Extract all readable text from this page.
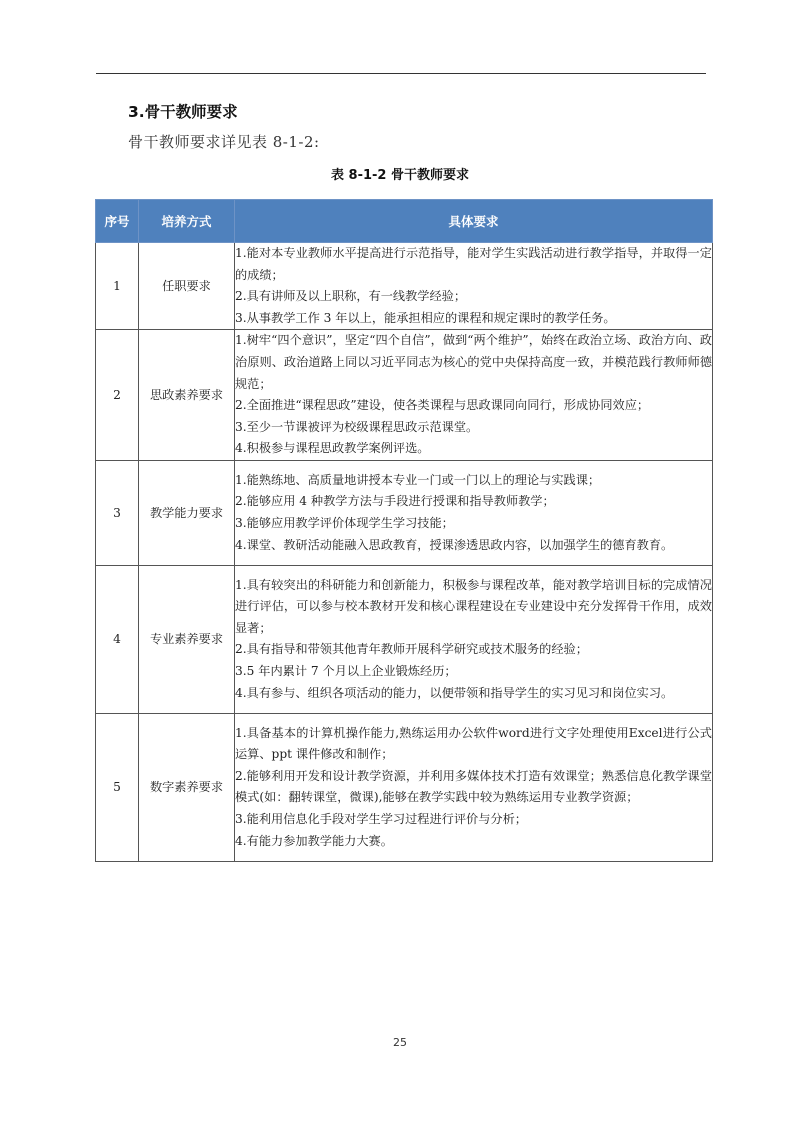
3.骨干教师要求
骨干教师要求详见表 8-1-2:
表 8-1-2 骨干教师要求
序号	培养方式	具体要求
1	任职要求	1.能对本专业教师水平提高进行示范指导，能对学生实践活动进行教学指导，并取得一定的成绩；
2.具有讲师及以上职称，有一线教学经验；
3.从事教学工作 3 年以上，能承担相应的课程和规定课时的教学任务。

2	思政素养要求	1.树牢“四个意识”，坚定“四个自信”，做到“两个维护”，始终在政治立场、政治方向、政治原则、政治道路上同以习近平同志为核心的党中央保持高度一致，并模范践行教师师德规范；
2.全面推进“课程思政”建设，使各类课程与思政课同向同行，形成协同效应；
3.至少一节课被评为校级课程思政示范课堂。
4.积极参与课程思政教学案例评选。

3	教学能力要求	1.能熟练地、高质量地讲授本专业一门或一门以上的理论与实践课；
2.能够应用 4 种教学方法与手段进行授课和指导教师教学；
3.能够应用教学评价体现学生学习技能；
4.课堂、教研活动能融入思政教育，授课渗透思政内容，以加强学生的德育教育。

4	专业素养要求	1.具有较突出的科研能力和创新能力，积极参与课程改革，能对教学培训目标的完成情况进行评估，可以参与校本教材开发和核心课程建设在专业建设中充分发挥骨干作用，成效显著；
2.具有指导和带领其他青年教师开展科学研究或技术服务的经验；
3.5 年内累计 7 个月以上企业锻炼经历；
4.具有参与、组织各项活动的能力，以便带领和指导学生的实习见习和岗位实习。

5	数字素养要求	1.具备基本的计算机操作能力,熟练运用办公软件word进行文字处理使用Excel进行公式运算、ppt 课件修改和制作；
2.能够利用开发和设计教学资源，并利用多媒体技术打造有效课堂；熟悉信息化教学课堂模式(如：翻转课堂，微课),能够在教学实践中较为熟练运用专业教学资源；
3.能利用信息化手段对学生学习过程进行评价与分析；
4.有能力参加教学能力大赛。
25
